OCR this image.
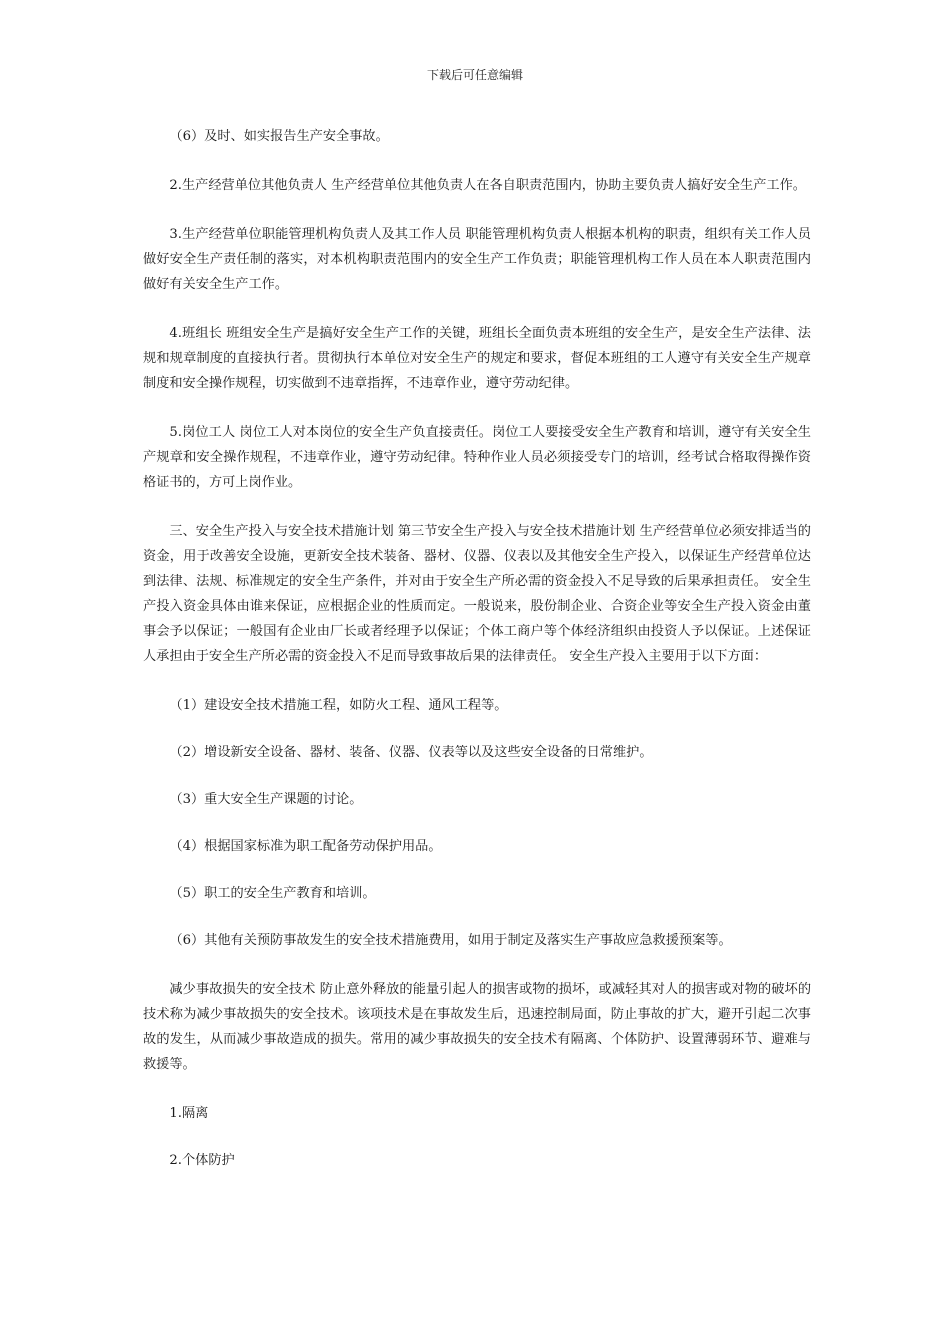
下载后可任意编辑

（6）及时、如实报告生产安全事故。

2.生产经营单位其他负责人 生产经营单位其他负责人在各自职责范围内，协助主要负责人搞好安全生产工作。

3.生产经营单位职能管理机构负责人及其工作人员 职能管理机构负责人根据本机构的职责，组织有关工作人员做好安全生产责任制的落实，对本机构职责范围内的安全生产工作负责；职能管理机构工作人员在本人职责范围内做好有关安全生产工作。

4.班组长 班组安全生产是搞好安全生产工作的关键，班组长全面负责本班组的安全生产，是安全生产法律、法规和规章制度的直接执行者。贯彻执行本单位对安全生产的规定和要求，督促本班组的工人遵守有关安全生产规章制度和安全操作规程，切实做到不违章指挥，不违章作业，遵守劳动纪律。

5.岗位工人 岗位工人对本岗位的安全生产负直接责任。岗位工人要接受安全生产教育和培训，遵守有关安全生产规章和安全操作规程，不违章作业，遵守劳动纪律。特种作业人员必须接受专门的培训，经考试合格取得操作资格证书的，方可上岗作业。

三、安全生产投入与安全技术措施计划 第三节安全生产投入与安全技术措施计划 生产经营单位必须安排适当的资金，用于改善安全设施，更新安全技术装备、器材、仪器、仪表以及其他安全生产投入，以保证生产经营单位达到法律、法规、标准规定的安全生产条件，并对由于安全生产所必需的资金投入不足导致的后果承担责任。 安全生产投入资金具体由谁来保证，应根据企业的性质而定。一般说来，股份制企业、合资企业等安全生产投入资金由董事会予以保证；一般国有企业由厂长或者经理予以保证；个体工商户等个体经济组织由投资人予以保证。上述保证人承担由于安全生产所必需的资金投入不足而导致事故后果的法律责任。 安全生产投入主要用于以下方面：

（1）建设安全技术措施工程，如防火工程、通风工程等。

（2）增设新安全设备、器材、装备、仪器、仪表等以及这些安全设备的日常维护。

（3）重大安全生产课题的讨论。

（4）根据国家标准为职工配备劳动保护用品。

（5）职工的安全生产教育和培训。

（6）其他有关预防事故发生的安全技术措施费用，如用于制定及落实生产事故应急救援预案等。

减少事故损失的安全技术 防止意外释放的能量引起人的损害或物的损坏，或减轻其对人的损害或对物的破坏的技术称为减少事故损失的安全技术。该项技术是在事故发生后，迅速控制局面，防止事故的扩大，避开引起二次事故的发生，从而减少事故造成的损失。常用的减少事故损失的安全技术有隔离、个体防护、设置薄弱环节、避难与救援等。

1.隔离

2.个体防护
